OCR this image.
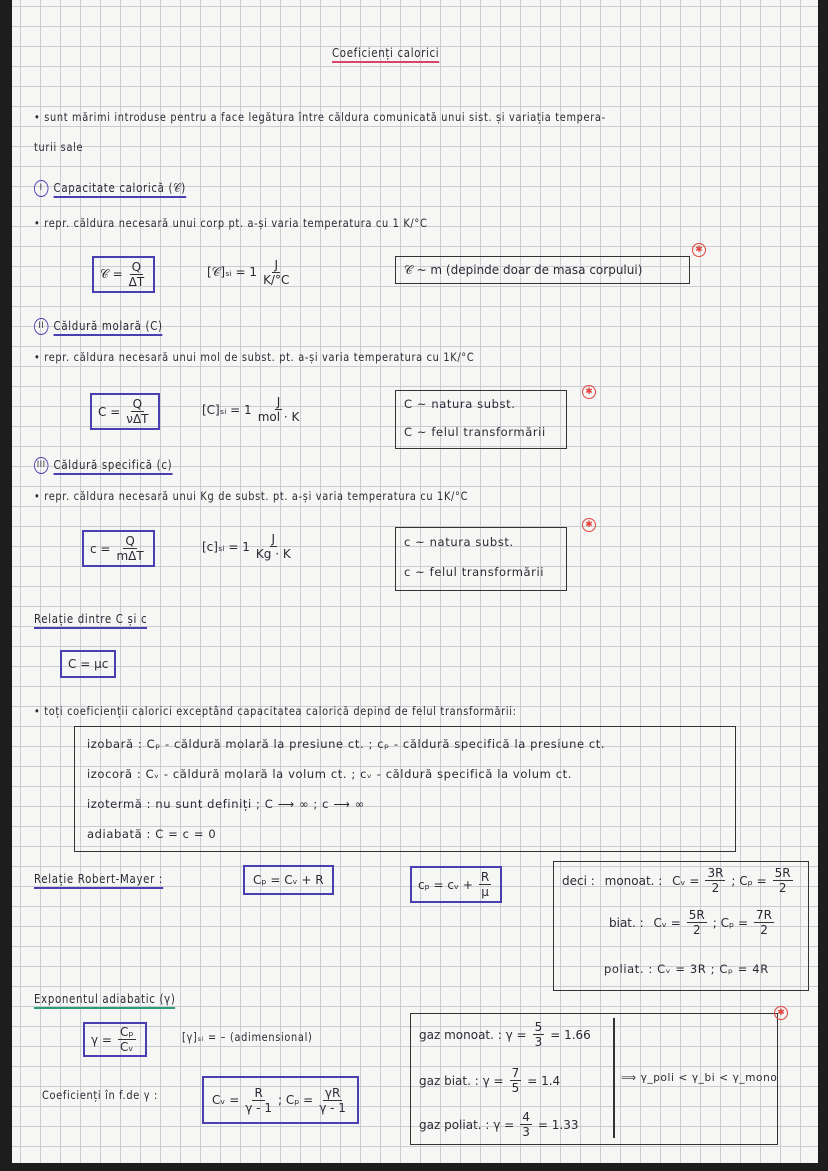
Coeficienți calorici
• sunt mărimi introduse pentru a face legătura între căldura comunicată unui sist. și variația tempera-
turii sale
I Capacitate calorică (𝒞)
• repr. căldura necesară unui corp pt. a-și varia temperatura cu 1 K/°C
𝒞 = $\frac{Q}{\Delta T}$	[𝒞]ₛᵢ = $1 \frac{J}{K/^\circ C}$	𝒞 ~ m (depinde doar de masa corpului)
✱
II Căldură molară (C)
• repr. căldura necesară unui mol de subst. pt. a-și varia temperatura cu 1K/°C
$C = \frac{Q}{\text{νΔT}}$	[C]ₛᵢ = $1 \frac{J}{\text{mol · K}}$	C ~ natura subst.
C ~ felul transformării
✱
III Căldură specifică (c)
• repr. căldura necesară unui Kg de subst. pt. a-și varia temperatura cu 1K/°C
$c = \frac{Q}{\text{mΔT}}$	[c]ₛᵢ = $1 \frac{J}{Kg \cdot K}$	c ~ natura subst.
c ~ felul transformării
✱
Relație dintre C și c
C = μc
• toți coeficienții calorici exceptând capacitatea calorică depind de felul transformării:
izobară : Cₚ - căldură molară la presiune ct. ; cₚ - căldură specifică la presiune ct.
izocoră : Cᵥ - căldură molară la volum ct. ; cᵥ - căldură specifică la volum ct.
izotermă : nu sunt definiți ; C ⟶ ∞ ; c ⟶ ∞
adiabată : C = c = 0
Relație Robert-Mayer :	Cₚ = Cᵥ + R	cₚ = cᵥ + $\frac{R}{\mu}$	deci :
monoat. :
Cᵥ = $\frac{3R}{2}$ ; $C_p = \frac{5R}{2}$
biat. :
Cᵥ = $\frac{5R}{2}$ ; $C_p = \frac{7R}{2}$
poliat. : Cᵥ = 3R ; Cₚ = 4R
Exponentul adiabatic (γ)
$\gamma = \frac{\text{Cₚ}}{\text{Cᵥ}}$	[γ]ₛᵢ = – (adimensional)
Coeficienți în f.de γ :	Cᵥ = $\frac{R}{\gamma - 1}$ ; $C_p = \frac{\gamma R}{\gamma - 1}$
gaz monoat. : $\gamma = \frac{5}{3} = 1.66$
gaz biat. : $\gamma = \frac{7}{5} = 1.4$
gaz poliat. : $\gamma = \frac{4}{3} = 1.33$
⟹ γ_poli < γ_bi < γ_mono
✱
